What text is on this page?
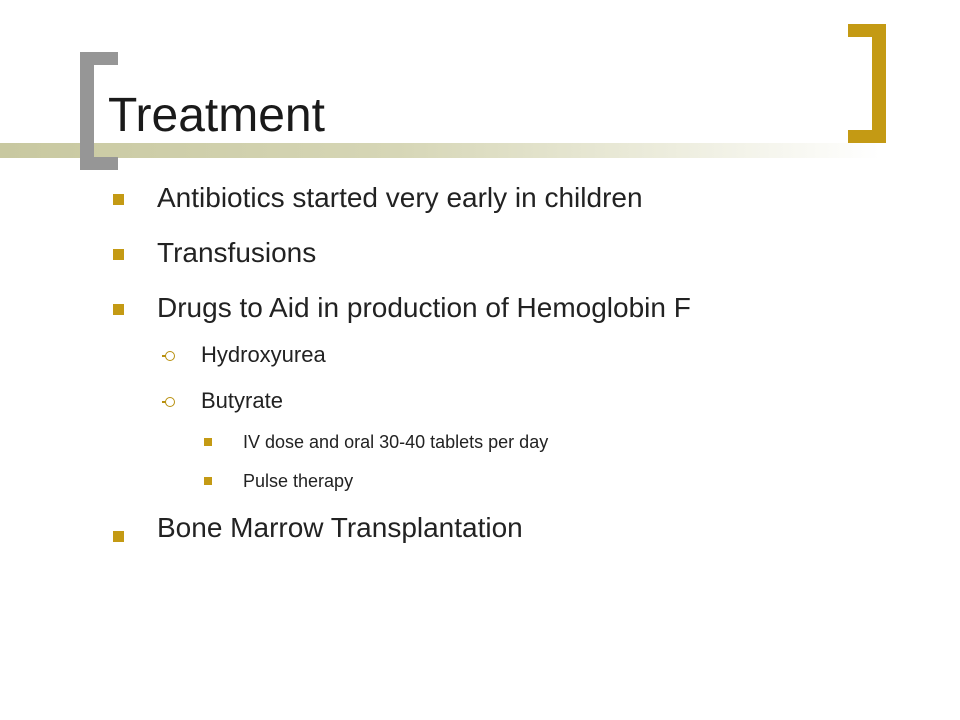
Treatment
Antibiotics started very early in children
Transfusions
Drugs to Aid in production of Hemoglobin F
Hydroxyurea
Butyrate
IV dose and oral 30-40 tablets per day
Pulse therapy
Bone Marrow Transplantation
